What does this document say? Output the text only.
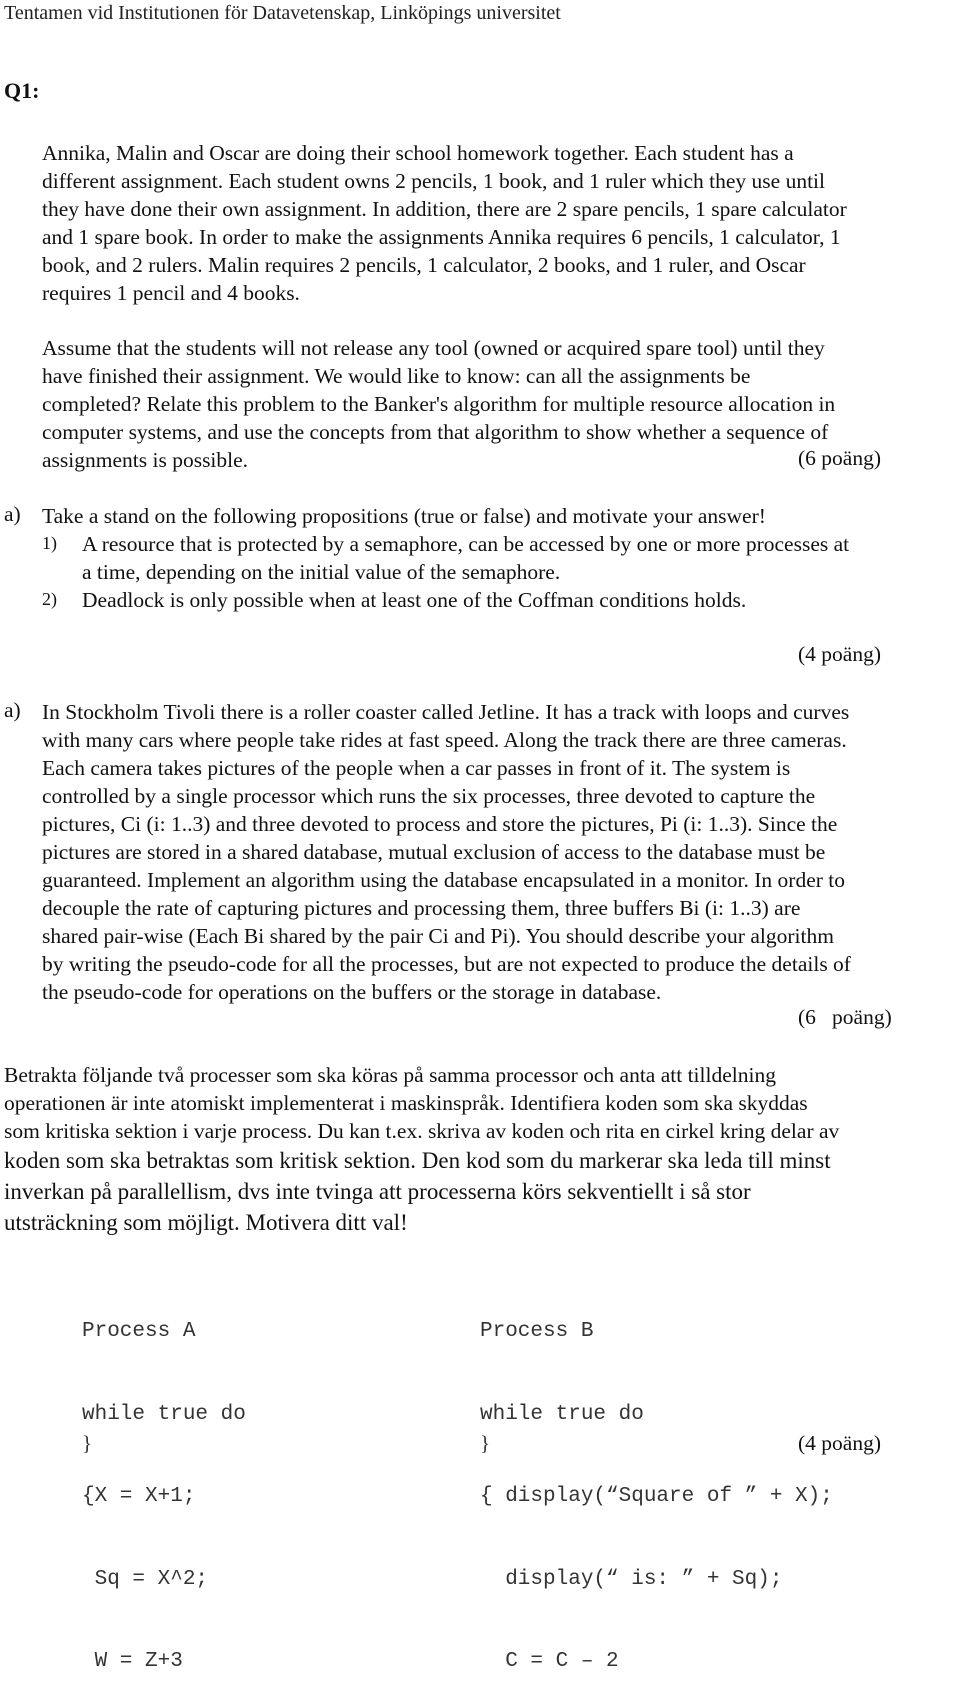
Tentamen vid Institutionen för Datavetenskap, Linköpings universitet
Q1:
Annika, Malin and Oscar are doing their school homework together. Each student has a
different assignment. Each student owns 2 pencils, 1 book, and 1 ruler which they use until
they have done their own assignment. In addition, there are 2 spare pencils, 1 spare calculator
and 1 spare book. In order to make the assignments Annika requires 6 pencils, 1 calculator, 1
book, and 2 rulers. Malin requires 2 pencils, 1 calculator, 2 books, and 1 ruler, and Oscar
requires 1 pencil and 4 books.
Assume that the students will not release any tool (owned or acquired spare tool) until they
have finished their assignment. We would like to know: can all the assignments be
completed? Relate this problem to the Banker's algorithm for multiple resource allocation in
computer systems, and use the concepts from that algorithm to show whether a sequence of
assignments is possible.	(6 poäng)
a) Take a stand on the following propositions (true or false) and motivate your answer!
1) A resource that is protected by a semaphore, can be accessed by one or more processes at
a time, depending on the initial value of the semaphore.
2) Deadlock is only possible when at least one of the Coffman conditions holds.
(4 poäng)
a) In Stockholm Tivoli there is a roller coaster called Jetline. It has a track with loops and curves
with many cars where people take rides at fast speed. Along the track there are three cameras.
Each camera takes pictures of the people when a car passes in front of it. The system is
controlled by a single processor which runs the six processes, three devoted to capture the
pictures, Ci (i: 1..3) and three devoted to process and store the pictures, Pi (i: 1..3). Since the
pictures are stored in a shared database, mutual exclusion of access to the database must be
guaranteed. Implement an algorithm using the database encapsulated in a monitor. In order to
decouple the rate of capturing pictures and processing them, three buffers Bi (i: 1..3) are
shared pair-wise (Each Bi shared by the pair Ci and Pi). You should describe your algorithm
by writing the pseudo-code for all the processes, but are not expected to produce the details of
the pseudo-code for operations on the buffers or the storage in database.
(6   poäng)
Betrakta följande två processer som ska köras på samma processor och anta att tilldelning
operationen är inte atomiskt implementerat i maskinspråk. Identifiera koden som ska skyddas
som kritiska sektion i varje process. Du kan t.ex. skriva av koden och rita en cirkel kring delar av
koden som ska betraktas som kritisk sektion. Den kod som du markerar ska leda till minst
inverkan på parallellism, dvs inte tvinga att processerna körs sekventiellt i så stor
utsträckning som möjligt. Motivera ditt val!

Process A

while true do

{X = X+1;

Sq = X^2;

W = Z+3

}

Process B

while true do

{ display(“Square of ” + X);

display(“ is: ” + Sq);

C = C – 2

}	(4 poäng)
